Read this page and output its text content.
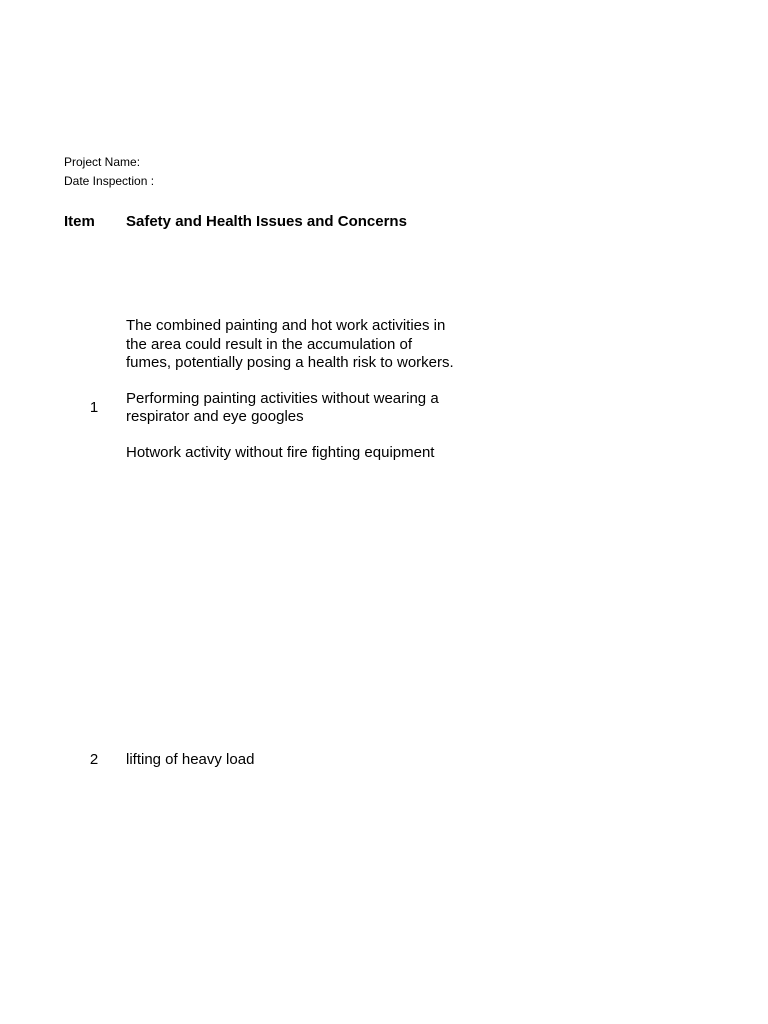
Project Name:
Date Inspection :
Item Safety and Health Issues and Concerns
1

The combined painting and hot work activities in the area could result in the accumulation of fumes, potentially posing a health risk to workers.

Performing painting activities without wearing a respirator and eye googles

Hotwork activity without fire fighting equipment

2	lifting of heavy load
